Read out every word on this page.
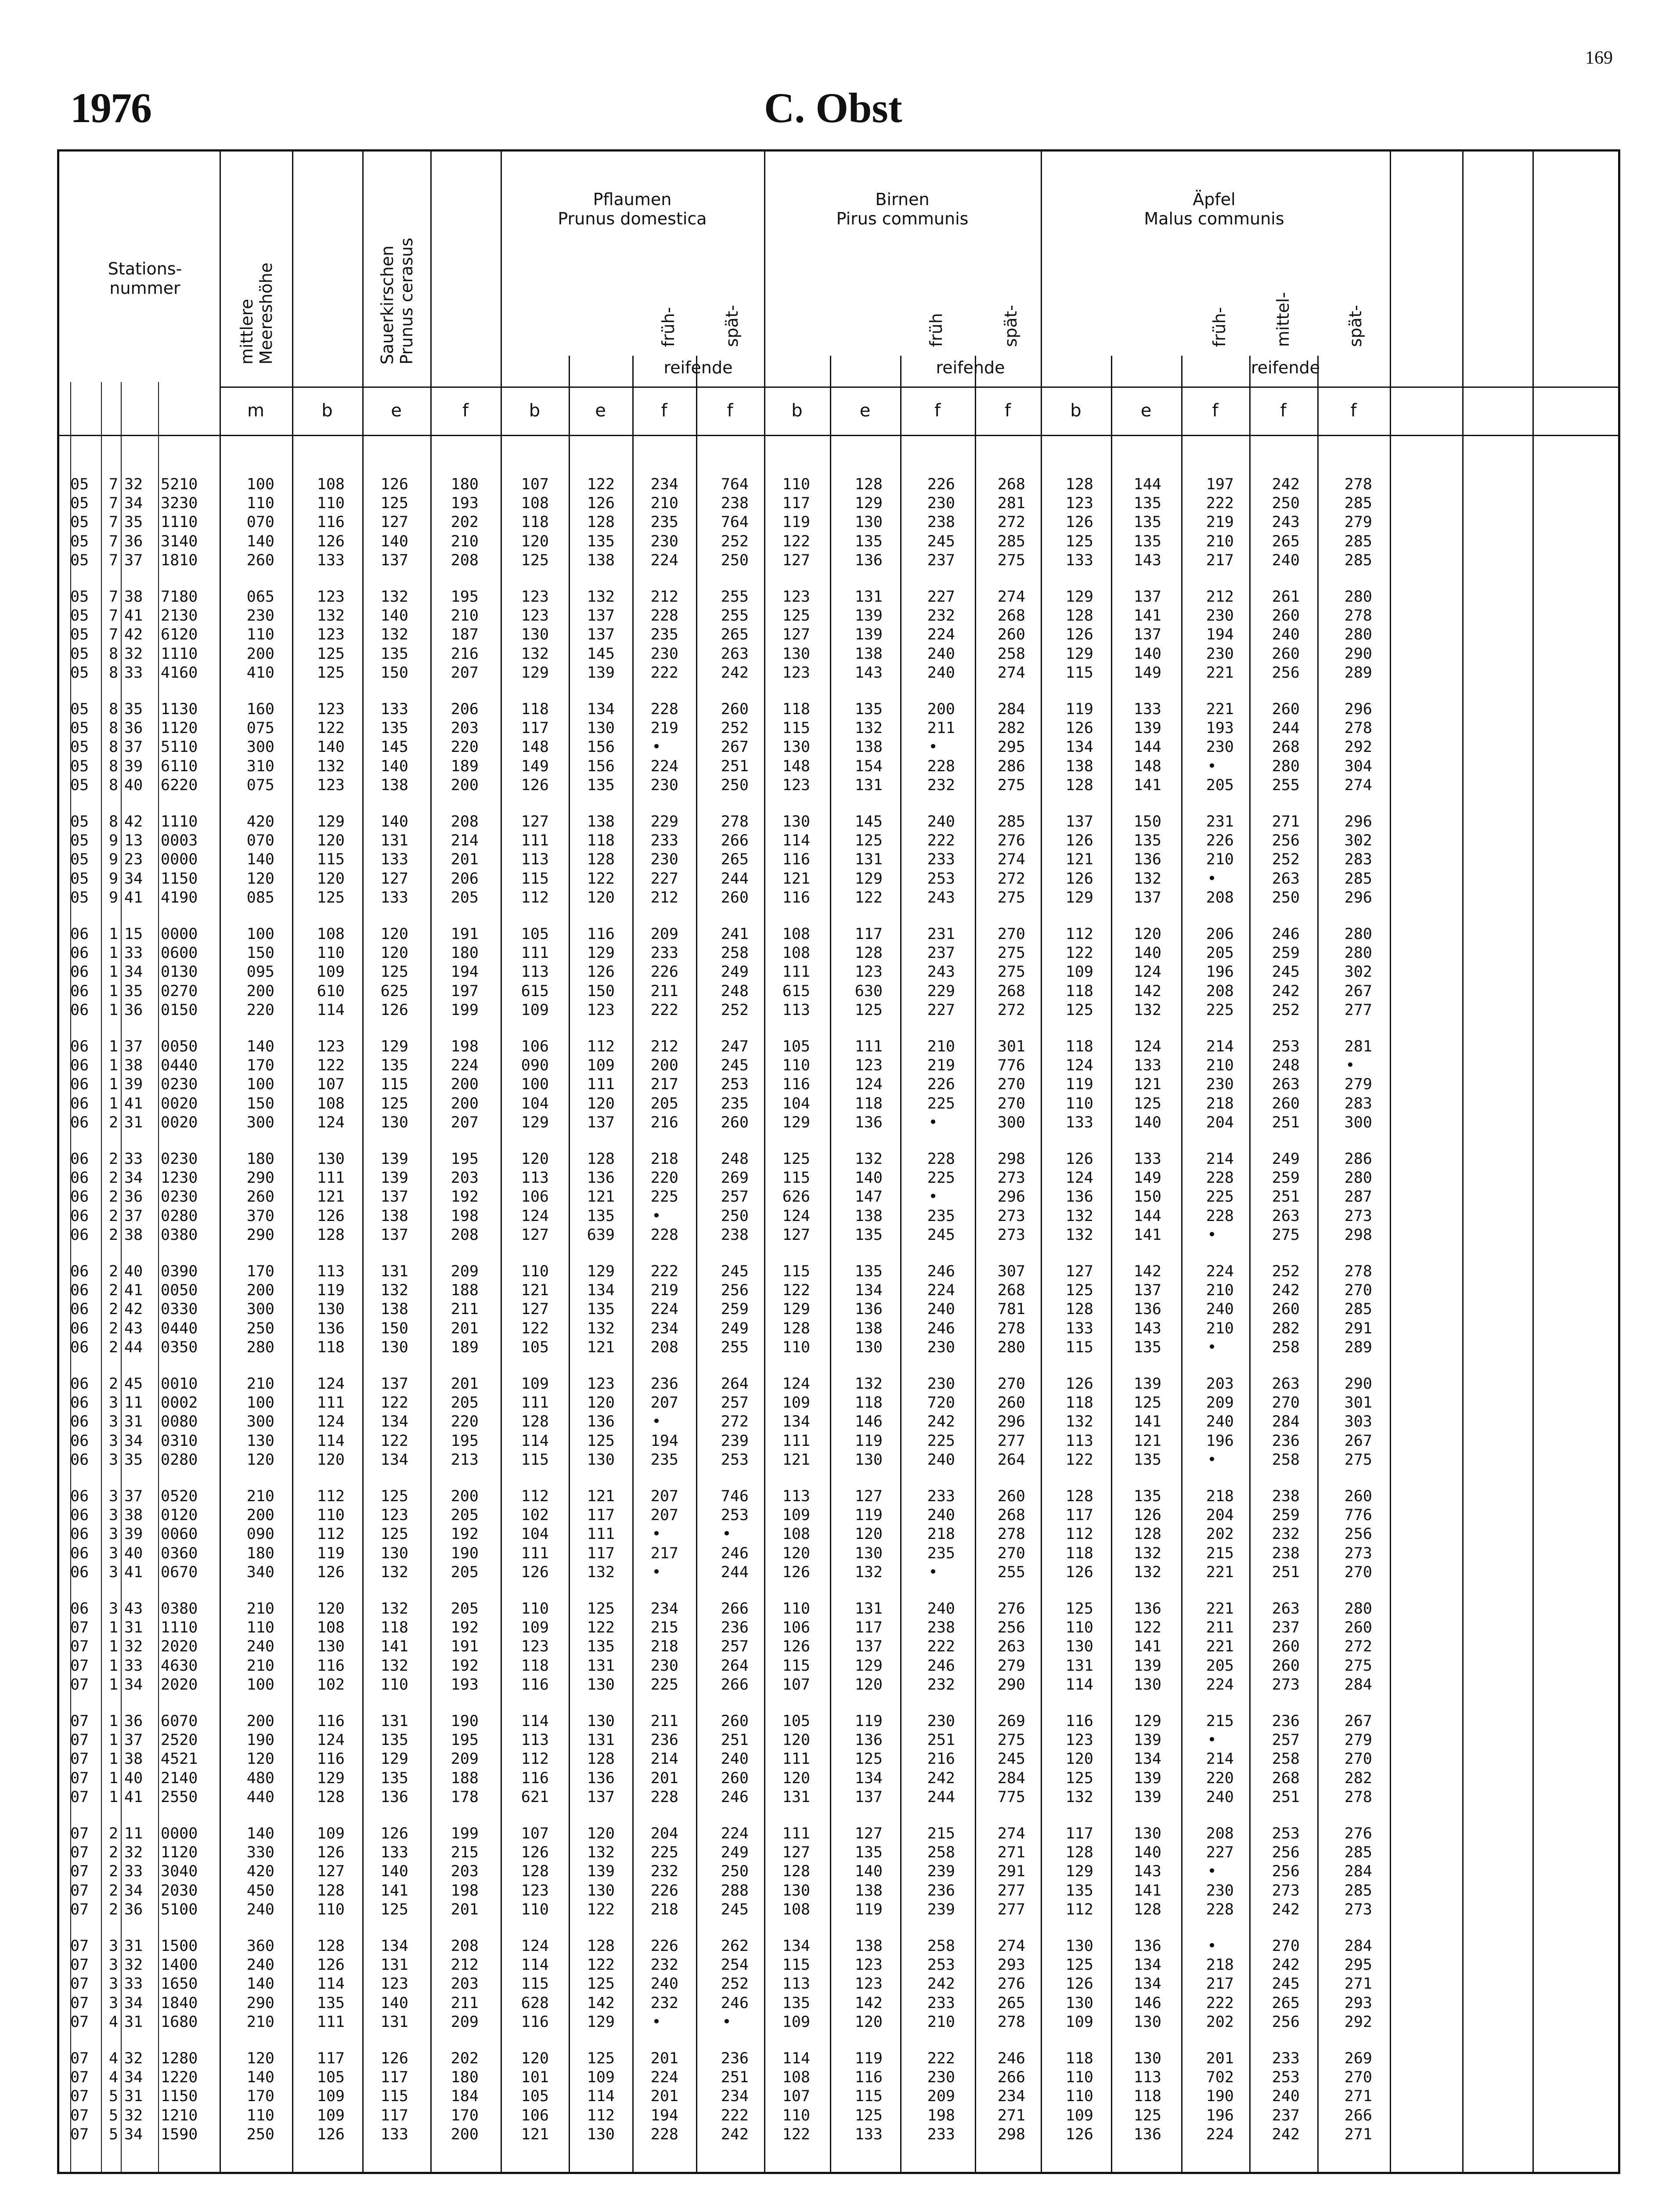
169
1976	C. Obst
Stations-
nummer
Pflaumen
Prunus domestica
Birnen
Pirus communis
Äpfel
Malus communis
mittlere
Meereshöhe	Sauerkirschen
Prunus cerasus
früh-	spät-	früh	spät-	früh-	mittel-	spät-
reifende	reifende	reifende
m	b	e	f	b	e	f	f	b	e	f	f	b	e	f	f	f
05 7 32 5210	100	108	126	180	107	122	234	764	110	128	226	268	128	144	197	242	278
05 7 34 3230	110	110	125	193	108	126	210	238	117	129	230	281	123	135	222	250	285
05 7 35 1110	070	116	127	202	118	128	235	764	119	130	238	272	126	135	219	243	279
05 7 36 3140	140	126	140	210	120	135	230	252	122	135	245	285	125	135	210	265	285
05 7 37 1810	260	133	137	208	125	138	224	250	127	136	237	275	133	143	217	240	285
05 7 38 7180	065	123	132	195	123	132	212	255	123	131	227	274	129	137	212	261	280
05 7 41 2130	230	132	140	210	123	137	228	255	125	139	232	268	128	141	230	260	278
05 7 42 6120	110	123	132	187	130	137	235	265	127	139	224	260	126	137	194	240	280
05 8 32 1110	200	125	135	216	132	145	230	263	130	138	240	258	129	140	230	260	290
05 8 33 4160	410	125	150	207	129	139	222	242	123	143	240	274	115	149	221	256	289
05 8 35 1130	160	123	133	206	118	134	228	260	118	135	200	284	119	133	221	260	296
05 8 36 1120	075	122	135	203	117	130	219	252	115	132	211	282	126	139	193	244	278
05 8 37 5110	300	140	145	220	148	156	•	267	130	138	•	295	134	144	230	268	292
05 8 39 6110	310	132	140	189	149	156	224	251	148	154	228	286	138	148	•	280	304
05 8 40 6220	075	123	138	200	126	135	230	250	123	131	232	275	128	141	205	255	274
05 8 42 1110	420	129	140	208	127	138	229	278	130	145	240	285	137	150	231	271	296
05 9 13 0003	070	120	131	214	111	118	233	266	114	125	222	276	126	135	226	256	302
05 9 23 0000	140	115	133	201	113	128	230	265	116	131	233	274	121	136	210	252	283
05 9 34 1150	120	120	127	206	115	122	227	244	121	129	253	272	126	132	•	263	285
05 9 41 4190	085	125	133	205	112	120	212	260	116	122	243	275	129	137	208	250	296
06 1 15 0000	100	108	120	191	105	116	209	241	108	117	231	270	112	120	206	246	280
06 1 33 0600	150	110	120	180	111	129	233	258	108	128	237	275	122	140	205	259	280
06 1 34 0130	095	109	125	194	113	126	226	249	111	123	243	275	109	124	196	245	302
06 1 35 0270	200	610	625	197	615	150	211	248	615	630	229	268	118	142	208	242	267
06 1 36 0150	220	114	126	199	109	123	222	252	113	125	227	272	125	132	225	252	277
06 1 37 0050	140	123	129	198	106	112	212	247	105	111	210	301	118	124	214	253	281
06 1 38 0440	170	122	135	224	090	109	200	245	110	123	219	776	124	133	210	248	•
06 1 39 0230	100	107	115	200	100	111	217	253	116	124	226	270	119	121	230	263	279
06 1 41 0020	150	108	125	200	104	120	205	235	104	118	225	270	110	125	218	260	283
06 2 31 0020	300	124	130	207	129	137	216	260	129	136	•	300	133	140	204	251	300
06 2 33 0230	180	130	139	195	120	128	218	248	125	132	228	298	126	133	214	249	286
06 2 34 1230	290	111	139	203	113	136	220	269	115	140	225	273	124	149	228	259	280
06 2 36 0230	260	121	137	192	106	121	225	257	626	147	•	296	136	150	225	251	287
06 2 37 0280	370	126	138	198	124	135	•	250	124	138	235	273	132	144	228	263	273
06 2 38 0380	290	128	137	208	127	639	228	238	127	135	245	273	132	141	•	275	298
06 2 40 0390	170	113	131	209	110	129	222	245	115	135	246	307	127	142	224	252	278
06 2 41 0050	200	119	132	188	121	134	219	256	122	134	224	268	125	137	210	242	270
06 2 42 0330	300	130	138	211	127	135	224	259	129	136	240	781	128	136	240	260	285
06 2 43 0440	250	136	150	201	122	132	234	249	128	138	246	278	133	143	210	282	291
06 2 44 0350	280	118	130	189	105	121	208	255	110	130	230	280	115	135	•	258	289
06 2 45 0010	210	124	137	201	109	123	236	264	124	132	230	270	126	139	203	263	290
06 3 11 0002	100	111	122	205	111	120	207	257	109	118	720	260	118	125	209	270	301
06 3 31 0080	300	124	134	220	128	136	•	272	134	146	242	296	132	141	240	284	303
06 3 34 0310	130	114	122	195	114	125	194	239	111	119	225	277	113	121	196	236	267
06 3 35 0280	120	120	134	213	115	130	235	253	121	130	240	264	122	135	•	258	275
06 3 37 0520	210	112	125	200	112	121	207	746	113	127	233	260	128	135	218	238	260
06 3 38 0120	200	110	123	205	102	117	207	253	109	119	240	268	117	126	204	259	776
06 3 39 0060	090	112	125	192	104	111	•	•	108	120	218	278	112	128	202	232	256
06 3 40 0360	180	119	130	190	111	117	217	246	120	130	235	270	118	132	215	238	273
06 3 41 0670	340	126	132	205	126	132	•	244	126	132	•	255	126	132	221	251	270
06 3 43 0380	210	120	132	205	110	125	234	266	110	131	240	276	125	136	221	263	280
07 1 31 1110	110	108	118	192	109	122	215	236	106	117	238	256	110	122	211	237	260
07 1 32 2020	240	130	141	191	123	135	218	257	126	137	222	263	130	141	221	260	272
07 1 33 4630	210	116	132	192	118	131	230	264	115	129	246	279	131	139	205	260	275
07 1 34 2020	100	102	110	193	116	130	225	266	107	120	232	290	114	130	224	273	284
07 1 36 6070	200	116	131	190	114	130	211	260	105	119	230	269	116	129	215	236	267
07 1 37 2520	190	124	135	195	113	131	236	251	120	136	251	275	123	139	•	257	279
07 1 38 4521	120	116	129	209	112	128	214	240	111	125	216	245	120	134	214	258	270
07 1 40 2140	480	129	135	188	116	136	201	260	120	134	242	284	125	139	220	268	282
07 1 41 2550	440	128	136	178	621	137	228	246	131	137	244	775	132	139	240	251	278
07 2 11 0000	140	109	126	199	107	120	204	224	111	127	215	274	117	130	208	253	276
07 2 32 1120	330	126	133	215	126	132	225	249	127	135	258	271	128	140	227	256	285
07 2 33 3040	420	127	140	203	128	139	232	250	128	140	239	291	129	143	•	256	284
07 2 34 2030	450	128	141	198	123	130	226	288	130	138	236	277	135	141	230	273	285
07 2 36 5100	240	110	125	201	110	122	218	245	108	119	239	277	112	128	228	242	273
07 3 31 1500	360	128	134	208	124	128	226	262	134	138	258	274	130	136	•	270	284
07 3 32 1400	240	126	131	212	114	122	232	254	115	123	253	293	125	134	218	242	295
07 3 33 1650	140	114	123	203	115	125	240	252	113	123	242	276	126	134	217	245	271
07 3 34 1840	290	135	140	211	628	142	232	246	135	142	233	265	130	146	222	265	293
07 4 31 1680	210	111	131	209	116	129	•	•	109	120	210	278	109	130	202	256	292
07 4 32 1280	120	117	126	202	120	125	201	236	114	119	222	246	118	130	201	233	269
07 4 34 1220	140	105	117	180	101	109	224	251	108	116	230	266	110	113	702	253	270
07 5 31 1150	170	109	115	184	105	114	201	234	107	115	209	234	110	118	190	240	271
07 5 32 1210	110	109	117	170	106	112	194	222	110	125	198	271	109	125	196	237	266
07 5 34 1590	250	126	133	200	121	130	228	242	122	133	233	298	126	136	224	242	271
